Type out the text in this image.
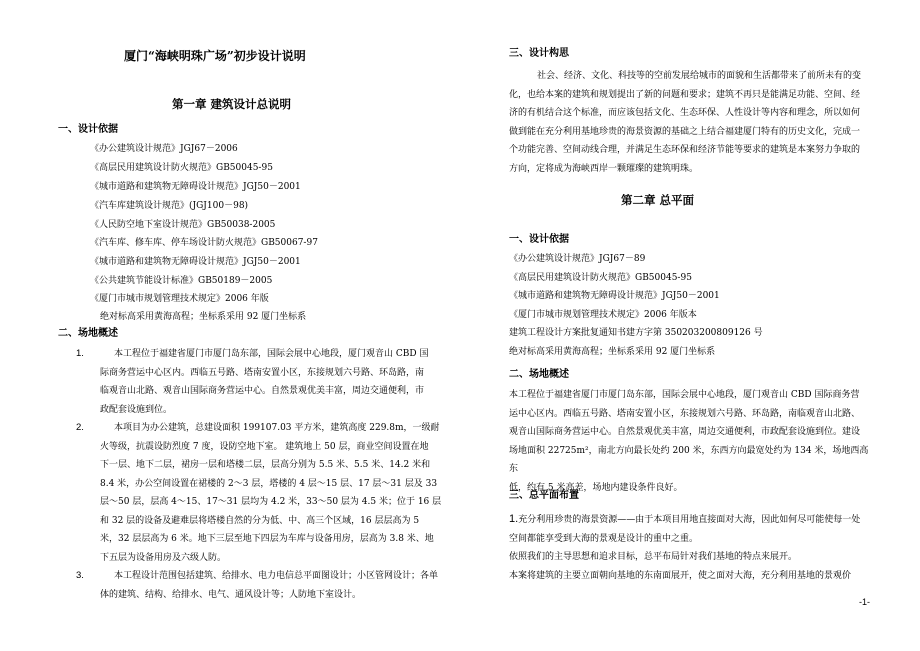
厦门“海峡明珠广场”初步设计说明
第一章 建筑设计总说明
一、设计依据
《办公建筑设计规范》JGJ67－2006
《高层民用建筑设计防火规范》GB50045-95
《城市道路和建筑物无障碍设计规范》JGJ50－2001
《汽车库建筑设计规范》(JGJ100－98)
《人民防空地下室设计规范》GB50038-2005
《汽车库、修车库、停车场设计防火规范》GB50067-97
《城市道路和建筑物无障碍设计规范》JGJ50－2001
《公共建筑节能设计标准》GB50189－2005
《厦门市城市规划管理技术规定》2006 年版
绝对标高采用黄海高程；坐标系采用 92 厦门坐标系
二、场地概述
1.	本工程位于福建省厦门市厦门岛东部，国际会展中心地段，厦门观音山 CBD 国
际商务营运中心区内。西临五号路、塔南安置小区，东接规划六号路、环岛路，南
临观音山北路、观音山国际商务营运中心。自然景观优美丰富，周边交通便利，市
政配套设施到位。
2.	本项目为办公建筑，总建设面积 199107.03 平方米，建筑高度 229.8m，一级耐
火等级，抗震设防烈度 7 度，设防空地下室。 建筑地上 50 层，商业空间设置在地
下一层、地下二层，裙房一层和塔楼二层，层高分别为 5.5 米、5.5 米、14.2 米和
8.4 米，办公空间设置在裙楼的 2～3 层，塔楼的 4 层～15 层、17 层～31 层及 33
层～50 层，层高 4～15、17～31 层均为 4.2 米，33～50 层为 4.5 米；位于 16 层
和 32 层的设备及避难层将塔楼自然的分为低、中、高三个区域，16 层层高为 5
米，32 层层高为 6 米。地下三层至地下四层为车库与设备用房，层高为 3.8 米、地
下五层为设备用房及六级人防。
3.	本工程设计范围包括建筑、给排水、电力电信总平面图设计；小区管网设计；各单
体的建筑、结构、给排水、电气、通风设计等；人防地下室设计。
三、设计构思
社会、经济、文化、科技等的空前发展给城市的面貌和生活都带来了前所未有的变
化，也给本案的建筑和规划提出了新的问题和要求；建筑不再只是能满足功能、空间、经
济的有机结合这个标准，而应该包括文化、生态环保、人性设计等内容和理念，所以如何
做到能在充分利用基地珍贵的海景资源的基础之上结合福建厦门特有的历史文化，完成一
个功能完善、空间动线合理，并满足生态环保和经济节能等要求的建筑是本案努力争取的
方向，定将成为海峡西岸一颗璀璨的建筑明珠。
第二章 总平面
一、设计依据
《办公建筑设计规范》JGJ67－89
《高层民用建筑设计防火规范》GB50045-95
《城市道路和建筑物无障碍设计规范》JGJ50－2001
《厦门市城市规划管理技术规定》2006 年版本
建筑工程设计方案批复通知书建方字第 350203200809126 号
绝对标高采用黄海高程；坐标系采用 92 厦门坐标系
二、场地概述
本工程位于福建省厦门市厦门岛东部，国际会展中心地段，厦门观音山 CBD 国际商务营
运中心区内。西临五号路、塔南安置小区，东接规划六号路、环岛路，南临观音山北路、
观音山国际商务营运中心。自然景观优美丰富，周边交通便利，市政配套设施到位。建设
场地面积 22725m²，南北方向最长处约 200 米，东西方向最宽处约为 134 米，场地西高东
低，约有 5 米高差，场地内建设条件良好。
三、总平面布置
1.充分利用珍贵的海景资源——由于本项目用地直接面对大海，因此如何尽可能使每一处
空间都能享受到大海的景观是设计的重中之重。
依照我们的主导思想和追求目标，总平布局针对我们基地的特点来展开。
本案将建筑的主要立面朝向基地的东南面展开，使之面对大海，充分利用基地的景观价
-1-
